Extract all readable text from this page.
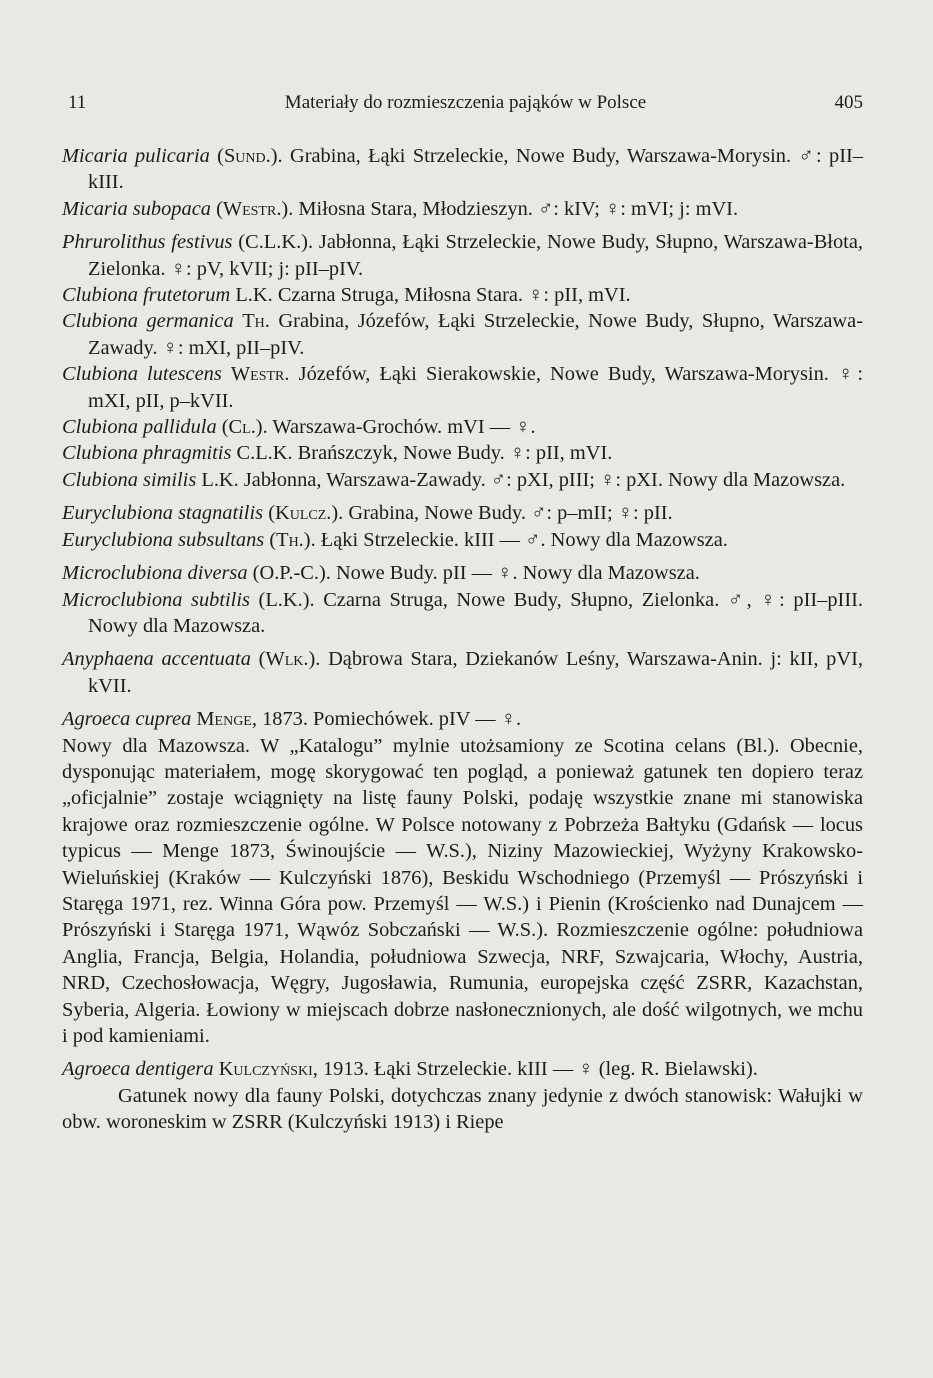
11	Materiały do rozmieszczenia pająków w Polsce	405

Micaria pulicaria (Sund.). Grabina, Łąki Strzeleckie, Nowe Budy, Warszawa-Morysin. ♂: pII–kIII.

Micaria subopaca (Westr.). Miłosna Stara, Młodzieszyn. ♂: kIV; ♀: mVI; j: mVI.

Phrurolithus festivus (C.L.K.). Jabłonna, Łąki Strzeleckie, Nowe Budy, Słupno, Warszawa-Błota, Zielonka. ♀: pV, kVII; j: pII–pIV.

Clubiona frutetorum L.K. Czarna Struga, Miłosna Stara. ♀: pII, mVI.

Clubiona germanica Th. Grabina, Józefów, Łąki Strzeleckie, Nowe Budy, Słupno, Warszawa-Zawady. ♀: mXI, pII–pIV.

Clubiona lutescens Westr. Józefów, Łąki Sierakowskie, Nowe Budy, Warszawa-Morysin. ♀: mXI, pII, p–kVII.

Clubiona pallidula (Cl.). Warszawa-Grochów. mVI — ♀.

Clubiona phragmitis C.L.K. Brańszczyk, Nowe Budy. ♀: pII, mVI.

Clubiona similis L.K. Jabłonna, Warszawa-Zawady. ♂: pXI, pIII; ♀: pXI. Nowy dla Mazowsza.

Euryclubiona stagnatilis (Kulcz.). Grabina, Nowe Budy. ♂: p–mII; ♀: pII.

Euryclubiona subsultans (Th.). Łąki Strzeleckie. kIII — ♂. Nowy dla Mazowsza.

Microclubiona diversa (O.P.-C.). Nowe Budy. pII — ♀. Nowy dla Mazowsza.

Microclubiona subtilis (L.K.). Czarna Struga, Nowe Budy, Słupno, Zielonka. ♂, ♀: pII–pIII. Nowy dla Mazowsza.

Anyphaena accentuata (Wlk.). Dąbrowa Stara, Dziekanów Leśny, Warszawa-Anin. j: kII, pVI, kVII.

Agroeca cuprea Menge, 1873. Pomiechówek. pIV — ♀.

Nowy dla Mazowsza. W „Katalogu” mylnie utożsamiony ze Scotina celans (Bl.). Obecnie, dysponując materiałem, mogę skorygować ten pogląd, a ponieważ gatunek ten dopiero teraz „oficjalnie” zostaje wciągnięty na listę fauny Polski, podaję wszystkie znane mi stanowiska krajowe oraz rozmieszczenie ogólne. W Polsce notowany z Pobrzeża Bałtyku (Gdańsk — locus typicus — Menge 1873, Świnoujście — W.S.), Niziny Mazowieckiej, Wyżyny Krakowsko-Wieluńskiej (Kraków — Kulczyński 1876), Beskidu Wschodniego (Przemyśl — Prószyński i Staręga 1971, rez. Winna Góra pow. Przemyśl — W.S.) i Pienin (Krościenko nad Dunajcem — Prószyński i Staręga 1971, Wąwóz Sobczański — W.S.). Rozmieszczenie ogólne: południowa Anglia, Francja, Belgia, Holandia, południowa Szwecja, NRF, Szwajcaria, Włochy, Austria, NRD, Czechosłowacja, Węgry, Jugosławia, Rumunia, europejska część ZSRR, Kazachstan, Syberia, Algeria. Łowiony w miejscach dobrze nasłonecznionych, ale dość wilgotnych, we mchu i pod kamieniami.

Agroeca dentigera Kulczyński, 1913. Łąki Strzeleckie. kIII — ♀ (leg. R. Bielawski).

Gatunek nowy dla fauny Polski, dotychczas znany jedynie z dwóch stanowisk: Wałujki w obw. woroneskim w ZSRR (Kulczyński 1913) i Riepe
